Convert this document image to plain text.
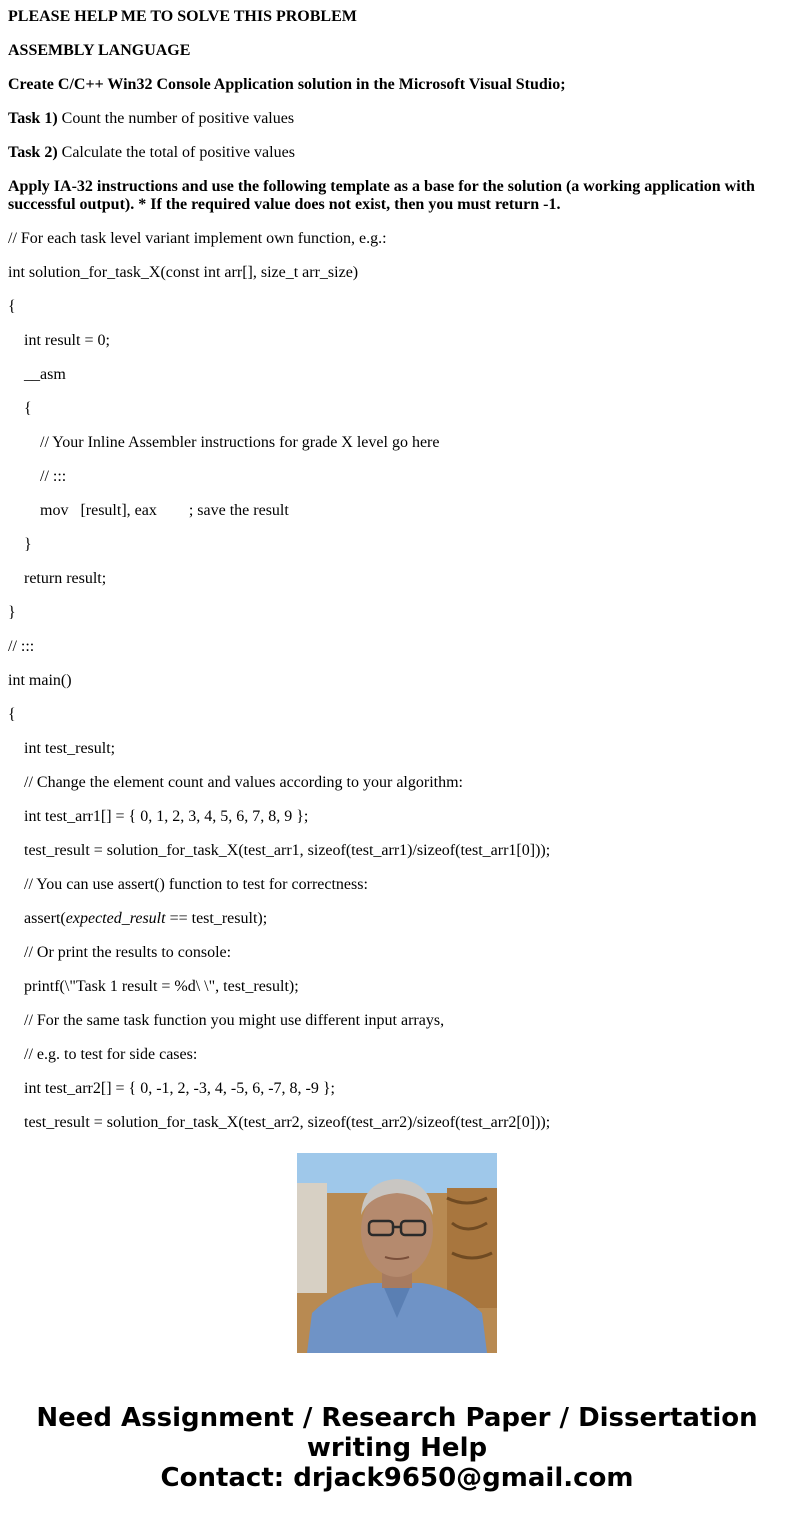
PLEASE HELP ME TO SOLVE THIS PROBLEM

ASSEMBLY LANGUAGE

Create C/C++ Win32 Console Application solution in the Microsoft Visual Studio;

Task 1) Count the number of positive values

Task 2) Calculate the total of positive values

Apply IA-32 instructions and use the following template as a base for the solution (a working application with successful output). * If the required value does not exist, then you must return -1.

// For each task level variant implement own function, e.g.:

int solution_for_task_X(const int arr[], size_t arr_size)

{

int result = 0;

__asm

{

// Your Inline Assembler instructions for grade X level go here

// :::

mov   [result], eax        ; save the result

}

return result;

}

// :::

int main()

{

int test_result;

// Change the element count and values according to your algorithm:

int test_arr1[] = { 0, 1, 2, 3, 4, 5, 6, 7, 8, 9 };

test_result = solution_for_task_X(test_arr1, sizeof(test_arr1)/sizeof(test_arr1[0]));

// You can use assert() function to test for correctness:

assert(expected_result == test_result);

// Or print the results to console:

printf(\"Task 1 result = %d\ \", test_result);

// For the same task function you might use different input arrays,

// e.g. to test for side cases:

int test_arr2[] = { 0, -1, 2, -3, 4, -5, 6, -7, 8, -9 };

test_result = solution_for_task_X(test_arr2, sizeof(test_arr2)/sizeof(test_arr2[0]));

Need Assignment / Research Paper / Dissertation
writing Help
Contact: drjack9650@gmail.com
